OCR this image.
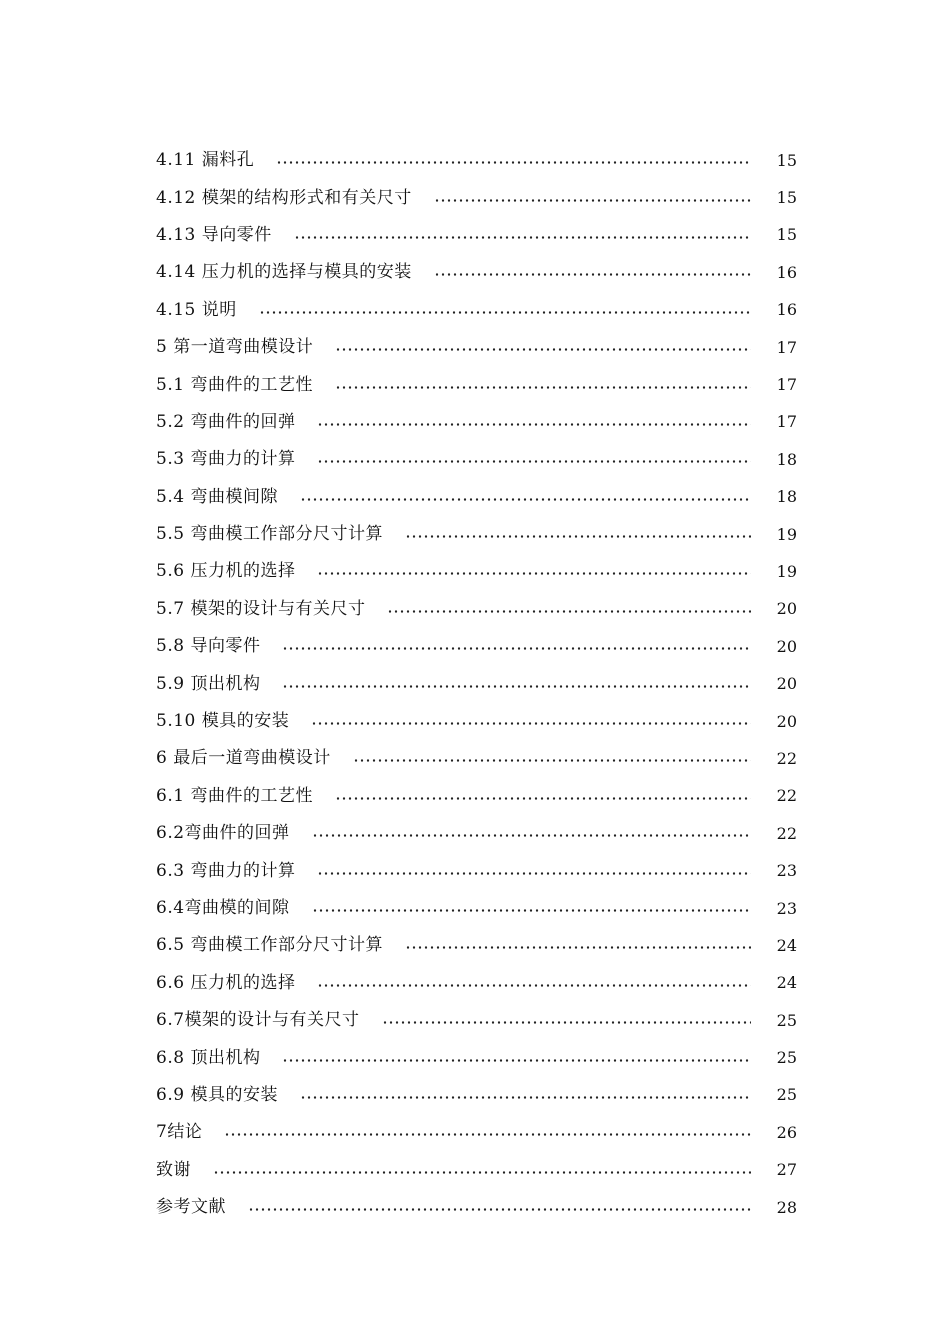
4.11 漏料孔	15
4.12 模架的结构形式和有关尺寸	15
4.13 导向零件	15
4.14 压力机的选择与模具的安装	16
4.15 说明	16
5 第一道弯曲模设计	17
5.1 弯曲件的工艺性	17
5.2 弯曲件的回弹	17
5.3 弯曲力的计算	18
5.4 弯曲模间隙	18
5.5 弯曲模工作部分尺寸计算	19
5.6 压力机的选择	19
5.7 模架的设计与有关尺寸	20
5.8 导向零件	20
5.9 顶出机构	20
5.10 模具的安装	20
6 最后一道弯曲模设计	22
6.1 弯曲件的工艺性	22
6.2弯曲件的回弹	22
6.3 弯曲力的计算	23
6.4弯曲模的间隙	23
6.5 弯曲模工作部分尺寸计算	24
6.6 压力机的选择	24
6.7模架的设计与有关尺寸	25
6.8 顶出机构	25
6.9 模具的安装	25
7结论	26
致谢	27
参考文献	28
